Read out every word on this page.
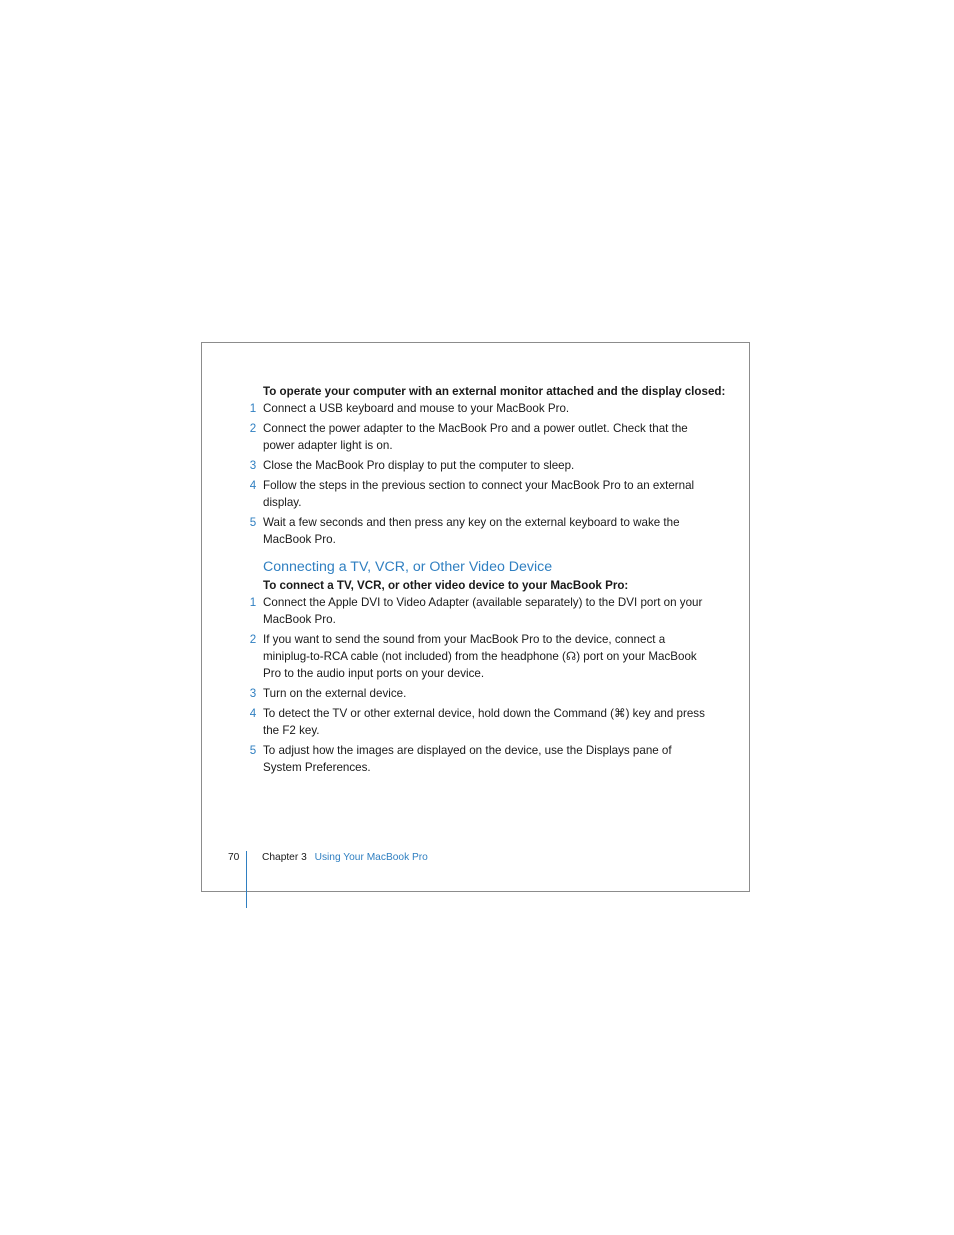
To operate your computer with an external monitor attached and the display closed:

1 Connect a USB keyboard and mouse to your MacBook Pro.
2 Connect the power adapter to the MacBook Pro and a power outlet. Check that the power adapter light is on.
3 Close the MacBook Pro display to put the computer to sleep.
4 Follow the steps in the previous section to connect your MacBook Pro to an external display.
5 Wait a few seconds and then press any key on the external keyboard to wake the MacBook Pro.
Connecting a TV, VCR, or Other Video Device

To connect a TV, VCR, or other video device to your MacBook Pro:

1 Connect the Apple DVI to Video Adapter (available separately) to the DVI port on your MacBook Pro.
2 If you want to send the sound from your MacBook Pro to the device, connect a miniplug-to-RCA cable (not included) from the headphone (☊) port on your MacBook Pro to the audio input ports on your device.
3 Turn on the external device.
4 To detect the TV or other external device, hold down the Command (⌘) key and press the F2 key.
5 To adjust how the images are displayed on the device, use the Displays pane of System Preferences.
70 Chapter 3 Using Your MacBook Pro
